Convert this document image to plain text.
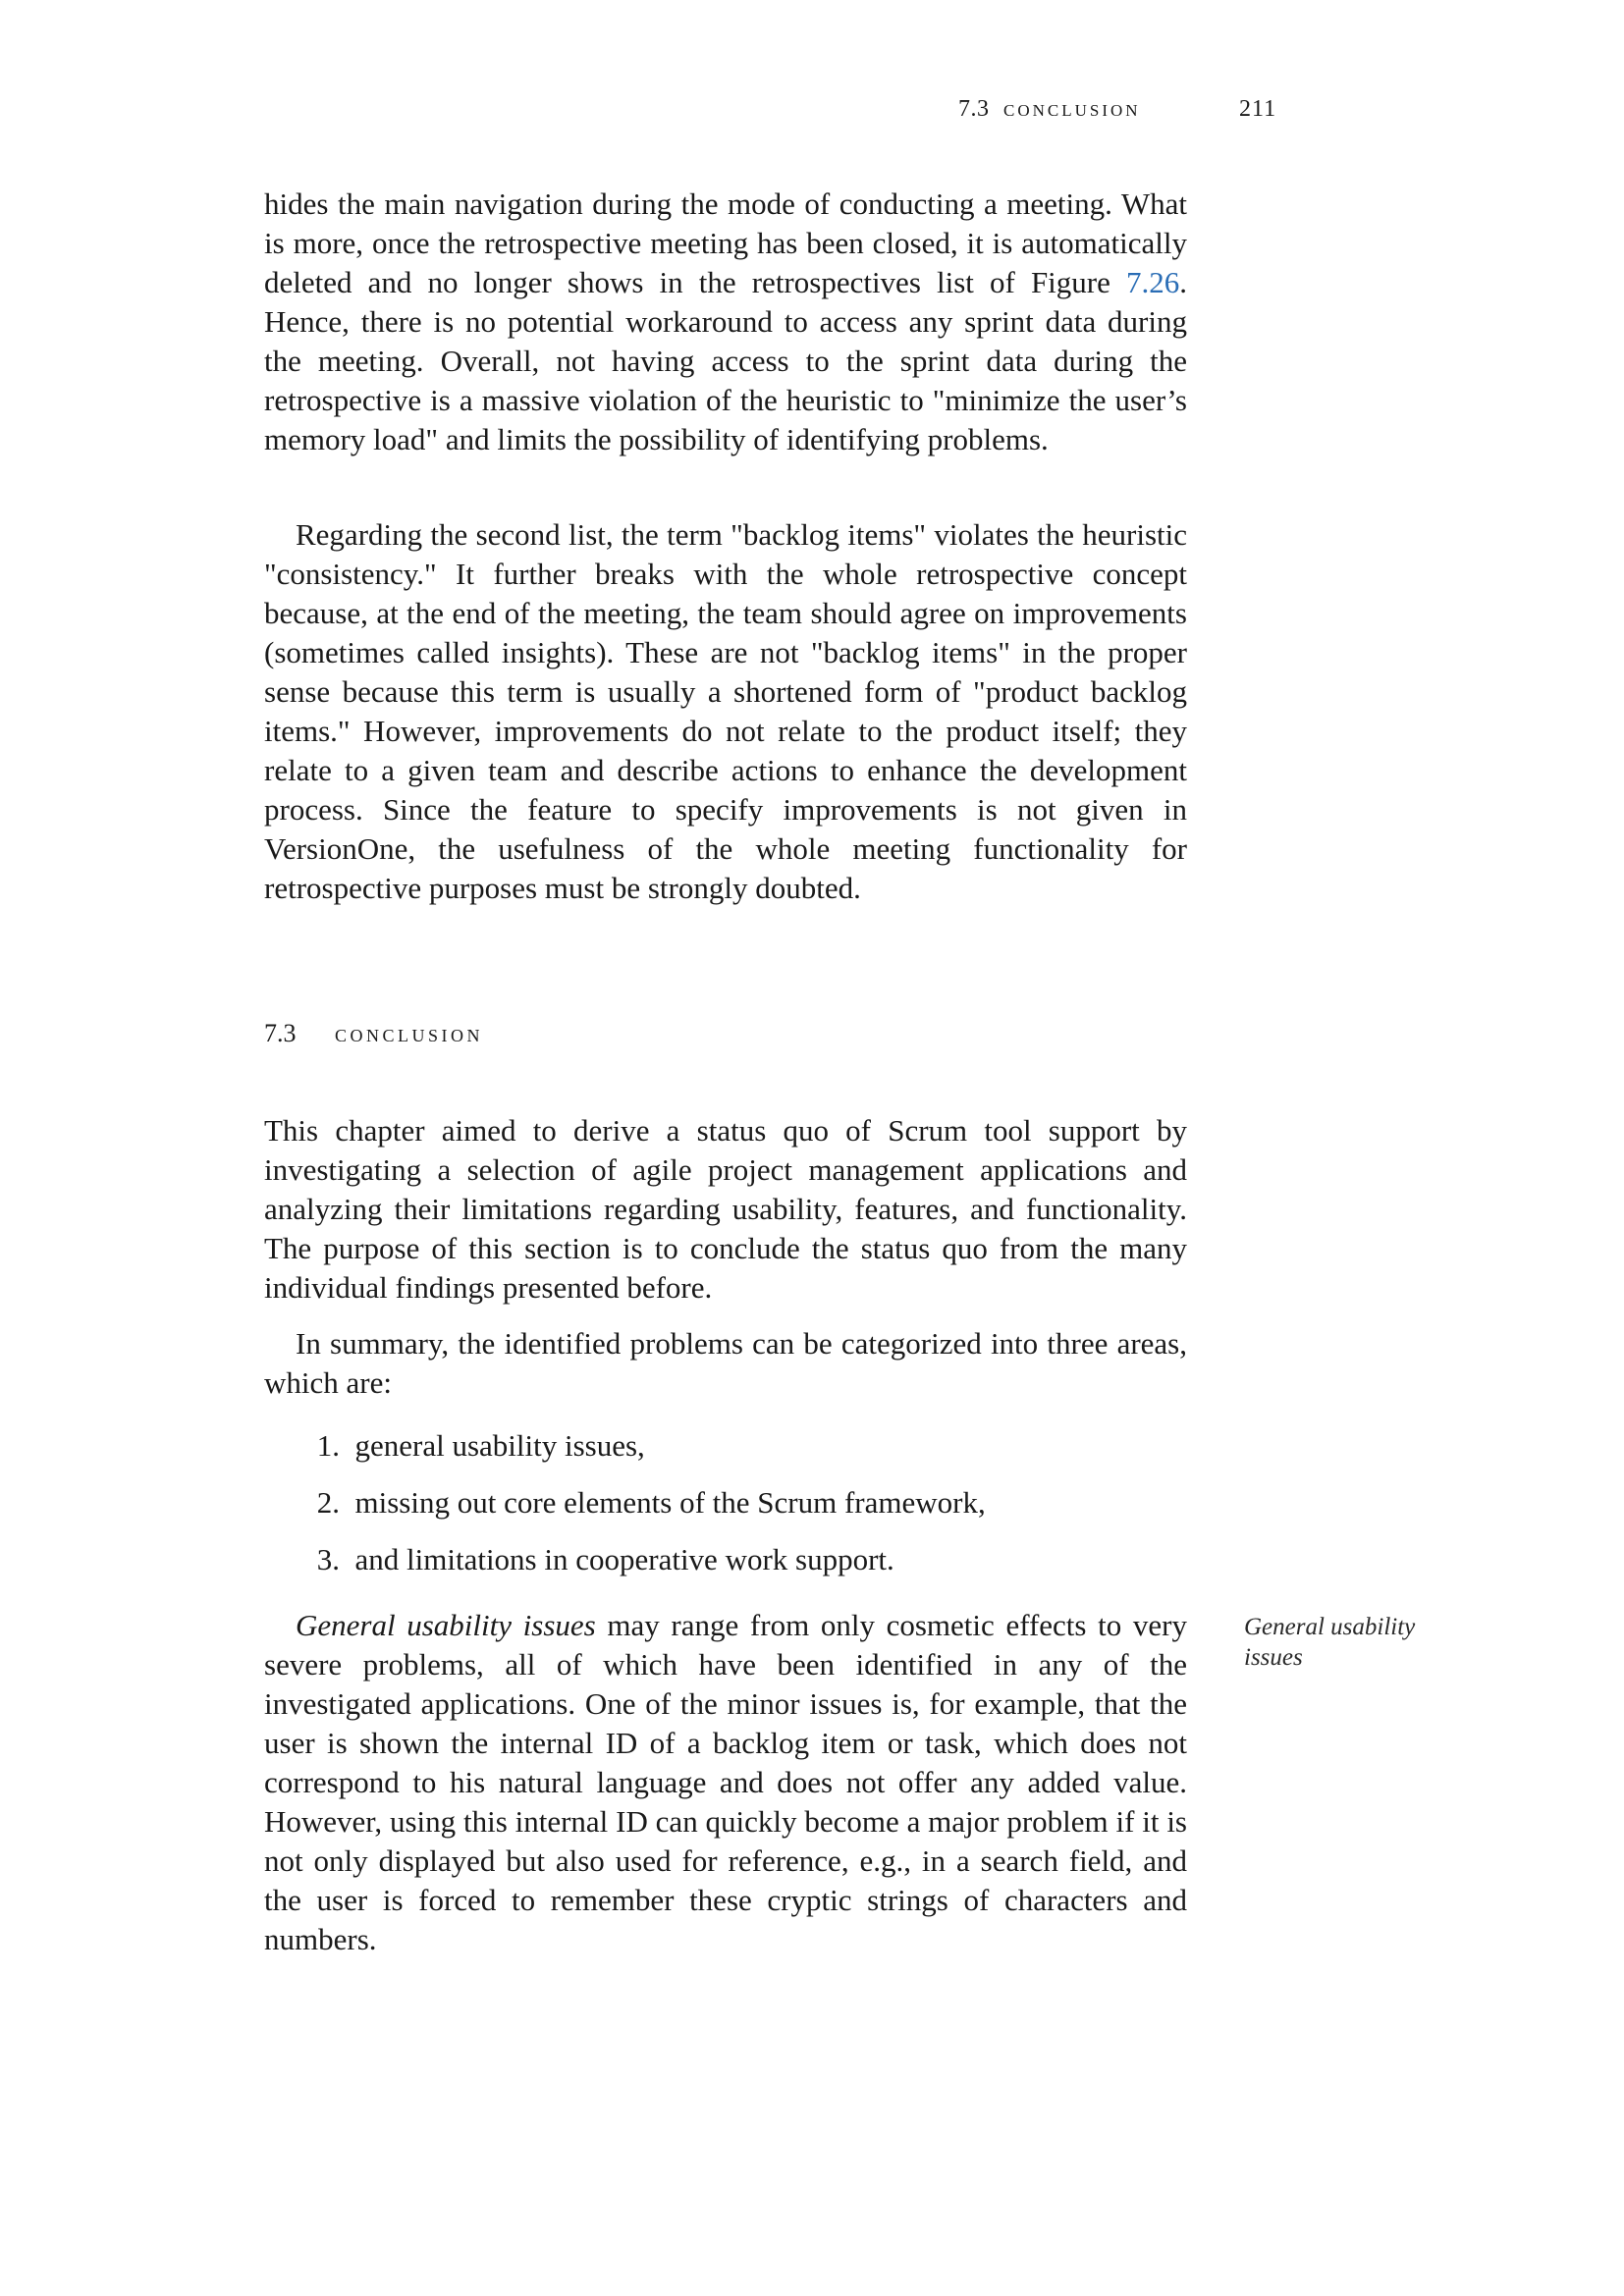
7.3 conclusion	211

hides the main navigation during the mode of conducting a meeting. What is more, once the retrospective meeting has been closed, it is automatically deleted and no longer shows in the retrospectives list of Figure 7.26. Hence, there is no potential workaround to access any sprint data during the meeting. Overall, not having access to the sprint data during the retrospective is a massive violation of the heuristic to "minimize the user’s memory load" and limits the possibility of identifying problems.

Regarding the second list, the term "backlog items" violates the heuristic "consistency." It further breaks with the whole retrospective concept because, at the end of the meeting, the team should agree on improvements (sometimes called insights). These are not "backlog items" in the proper sense because this term is usually a shortened form of "product backlog items." However, improvements do not relate to the product itself; they relate to a given team and describe actions to enhance the development process. Since the feature to specify improvements is not given in VersionOne, the usefulness of the whole meeting functionality for retrospective purposes must be strongly doubted.

7.3 conclusion

This chapter aimed to derive a status quo of Scrum tool support by investigating a selection of agile project management applications and analyzing their limitations regarding usability, features, and functionality. The purpose of this section is to conclude the status quo from the many individual findings presented before.

In summary, the identified problems can be categorized into three areas, which are:

1. general usability issues,
2. missing out core elements of the Scrum framework,
3. and limitations in cooperative work support.

General usability issues may range from only cosmetic effects to very severe problems, all of which have been identified in any of the investigated applications. One of the minor issues is, for example, that the user is shown the internal ID of a backlog item or task, which does not correspond to his natural language and does not offer any added value. However, using this internal ID can quickly become a major problem if it is not only displayed but also used for reference, e.g., in a search field, and the user is forced to remember these cryptic strings of characters and numbers.

General usability issues
